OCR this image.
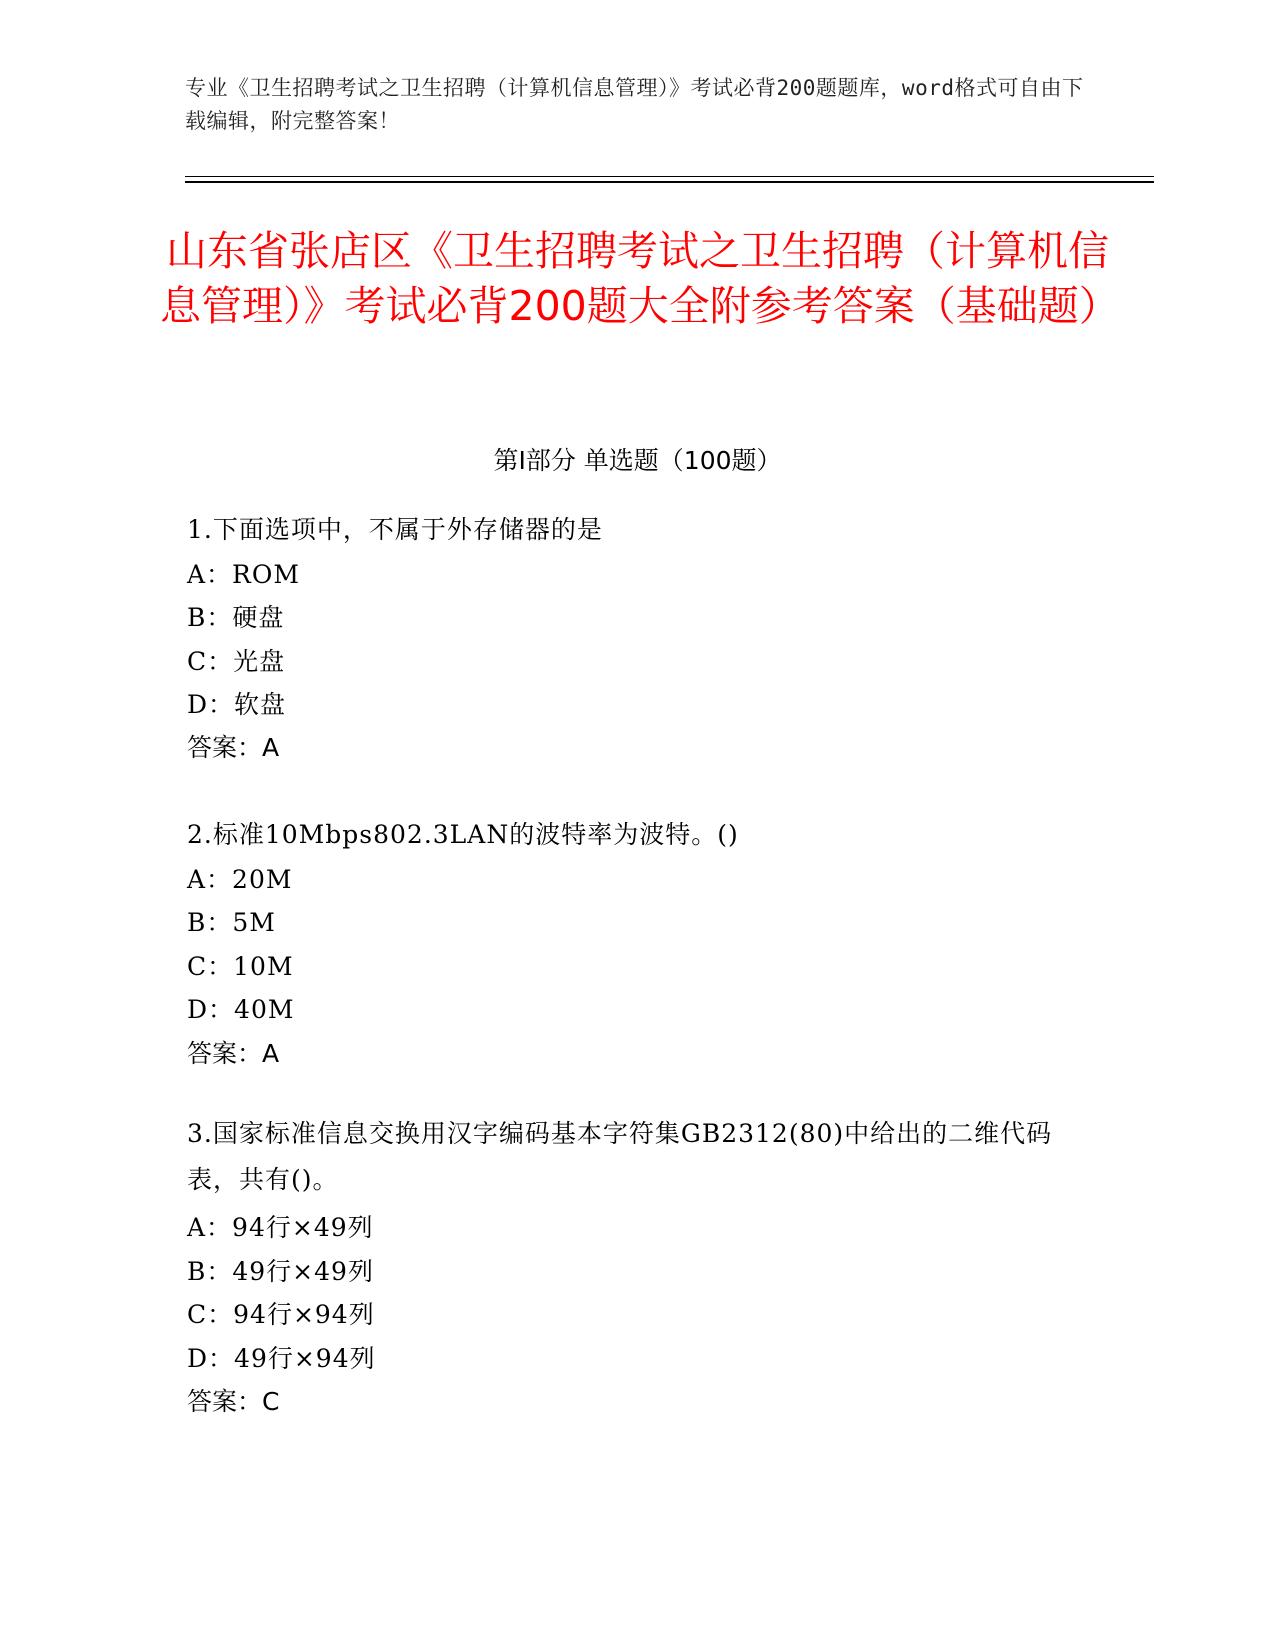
专业《卫生招聘考试之卫生招聘（计算机信息管理）》考试必背200题题库，word格式可自由下载编辑，附完整答案！
山东省张店区《卫生招聘考试之卫生招聘（计算机信息管理）》考试必背200题大全附参考答案（基础题）
第I部分 单选题（100题）
1.下面选项中，不属于外存储器的是
A：ROM
B：硬盘
C：光盘
D：软盘
答案：A
2.标准10Mbps802.3LAN的波特率为波特。()
A：20M
B：5M
C：10M
D：40M
答案：A
3.国家标准信息交换用汉字编码基本字符集GB2312(80)中给出的二维代码表，共有()。
A：94行×49列
B：49行×49列
C：94行×94列
D：49行×94列
答案：C
